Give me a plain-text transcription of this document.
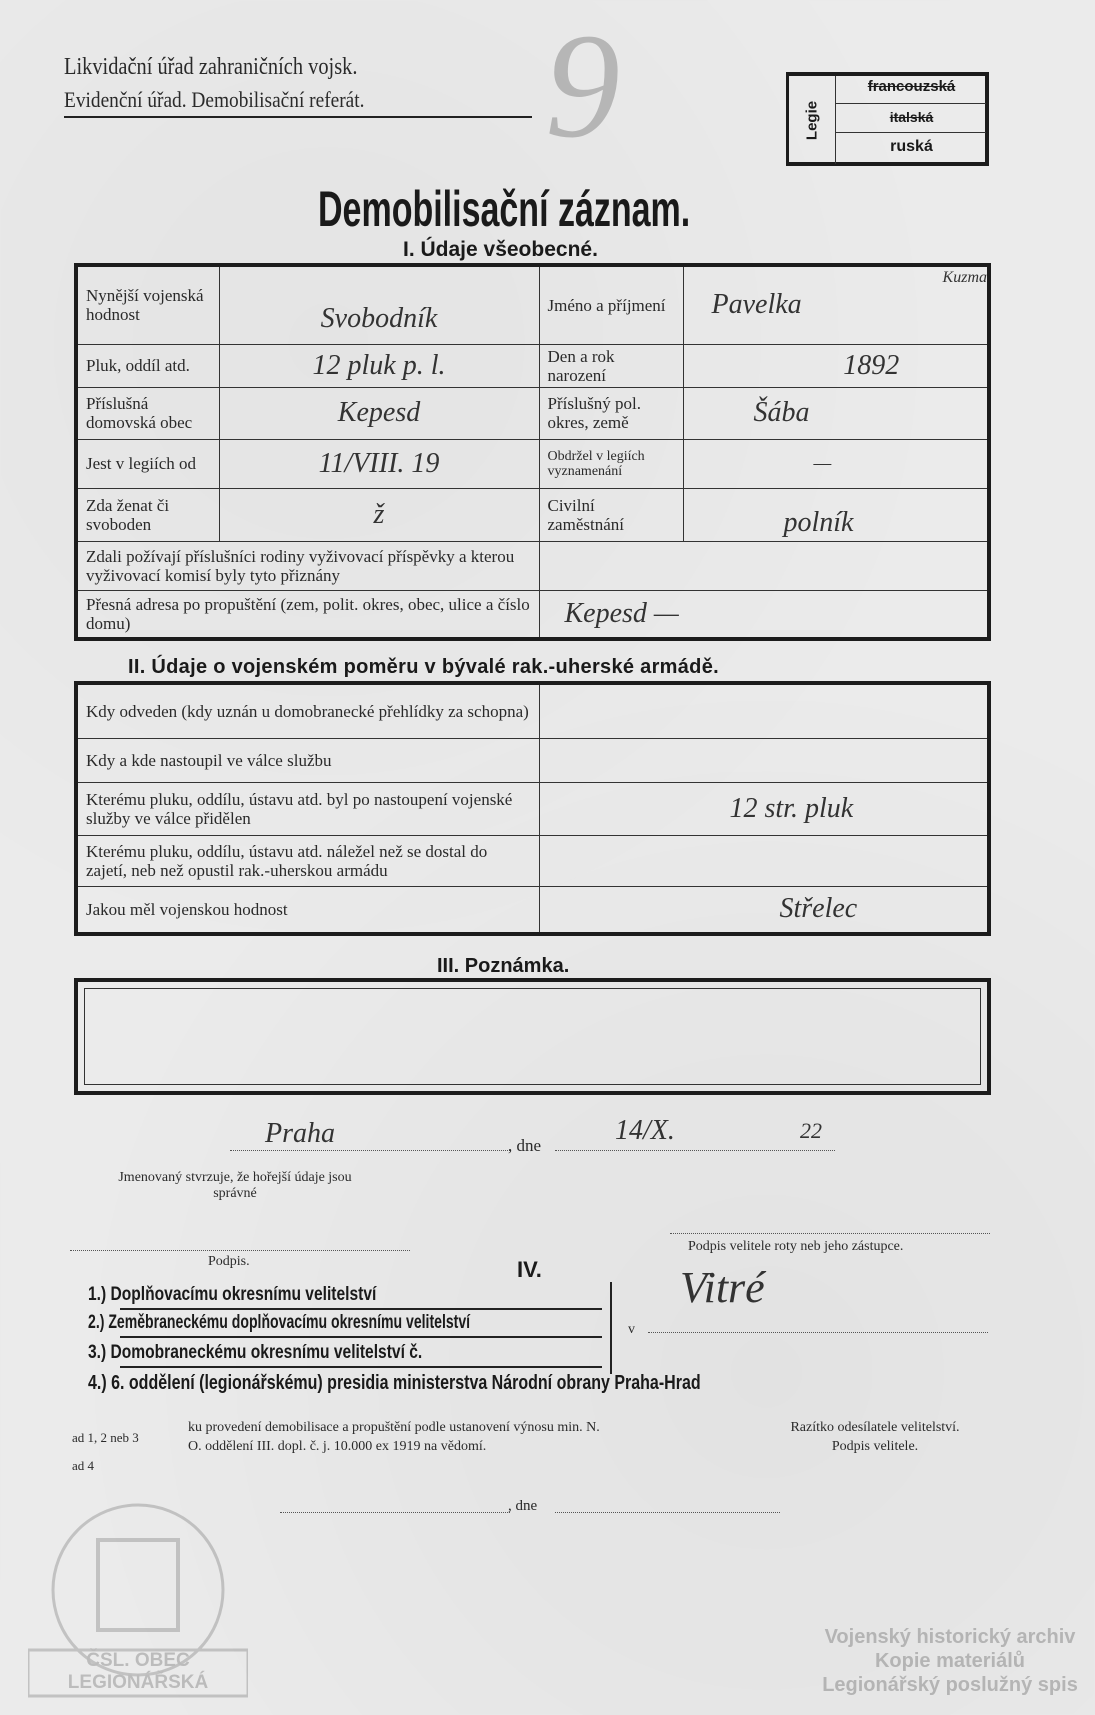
Likvidační úřad zahraničních vojsk.
Evidenční úřad. Demobilisační referát. 9	Legie
francouzská
italská
ruská
Demobilisační záznam.
I. Údaje všeobecné.
Nynější vojenská hodnost	Svobodník	Jméno a příjmení	Pavelka
Kuzma

Pluk, oddíl atd.	12 pluk p. l.	Den a rok narození	1892
Příslušná domovská obec	Kepesd	Příslušný pol. okres, země	Šába
Jest v legiích od	11/VIII. 19	Obdržel v legiích vyznamenání	—
Zda ženat či svoboden	ž	Civilní zaměstnání	polník
Zdali požívají příslušníci rodiny vyživovací příspěvky a kterou vyživovací komisí byly tyto přiznány			
Přesná adresa po propuštění (zem, polit. okres, obec, ulice a číslo domu)		Kepesd —	
II. Údaje o vojenském poměru v bývalé rak.-uherské armádě.
Kdy odveden (kdy uznán u domobranecké přehlídky za schopna)	
Kdy a kde nastoupil ve válce službu	
Kterému pluku, oddílu, ústavu atd. byl po nastoupení vojenské služby ve válce přidělen	12 str. pluk
Kterému pluku, oddílu, ústavu atd. náležel než se dostal do zajetí, neb než opustil rak.-uherskou armádu	
Jakou měl vojenskou hodnost	Střelec
III. Poznámka.
Praha	, dne	14/X.	22
Jmenovaný stvrzuje, že hořejší údaje jsou správné
Podpis.
Podpis velitele roty neb jeho zástupce.
Vitré
IV.
1.) Doplňovacímu okresnímu velitelství
2.) Zeměbraneckému doplňovacímu okresnímu velitelství
3.) Domobraneckému okresnímu velitelství č.
v
4.) 6. oddělení (legionářskému) presidia ministerstva Národní obrany Praha-Hrad
ad 1, 2 neb 3
ad 4
ku provedení demobilisace a propuštění podle ustanovení výnosu min. N. O. oddělení III. dopl. č. j. 10.000 ex 1919 na vědomí.
Razítko odesílatele velitelství.
Podpis velitele.
, dne
ČSL. OBEC LEGIONÁŘSKÁ
Vojenský historický archiv
Kopie materiálů
Legionářský poslužný spis
